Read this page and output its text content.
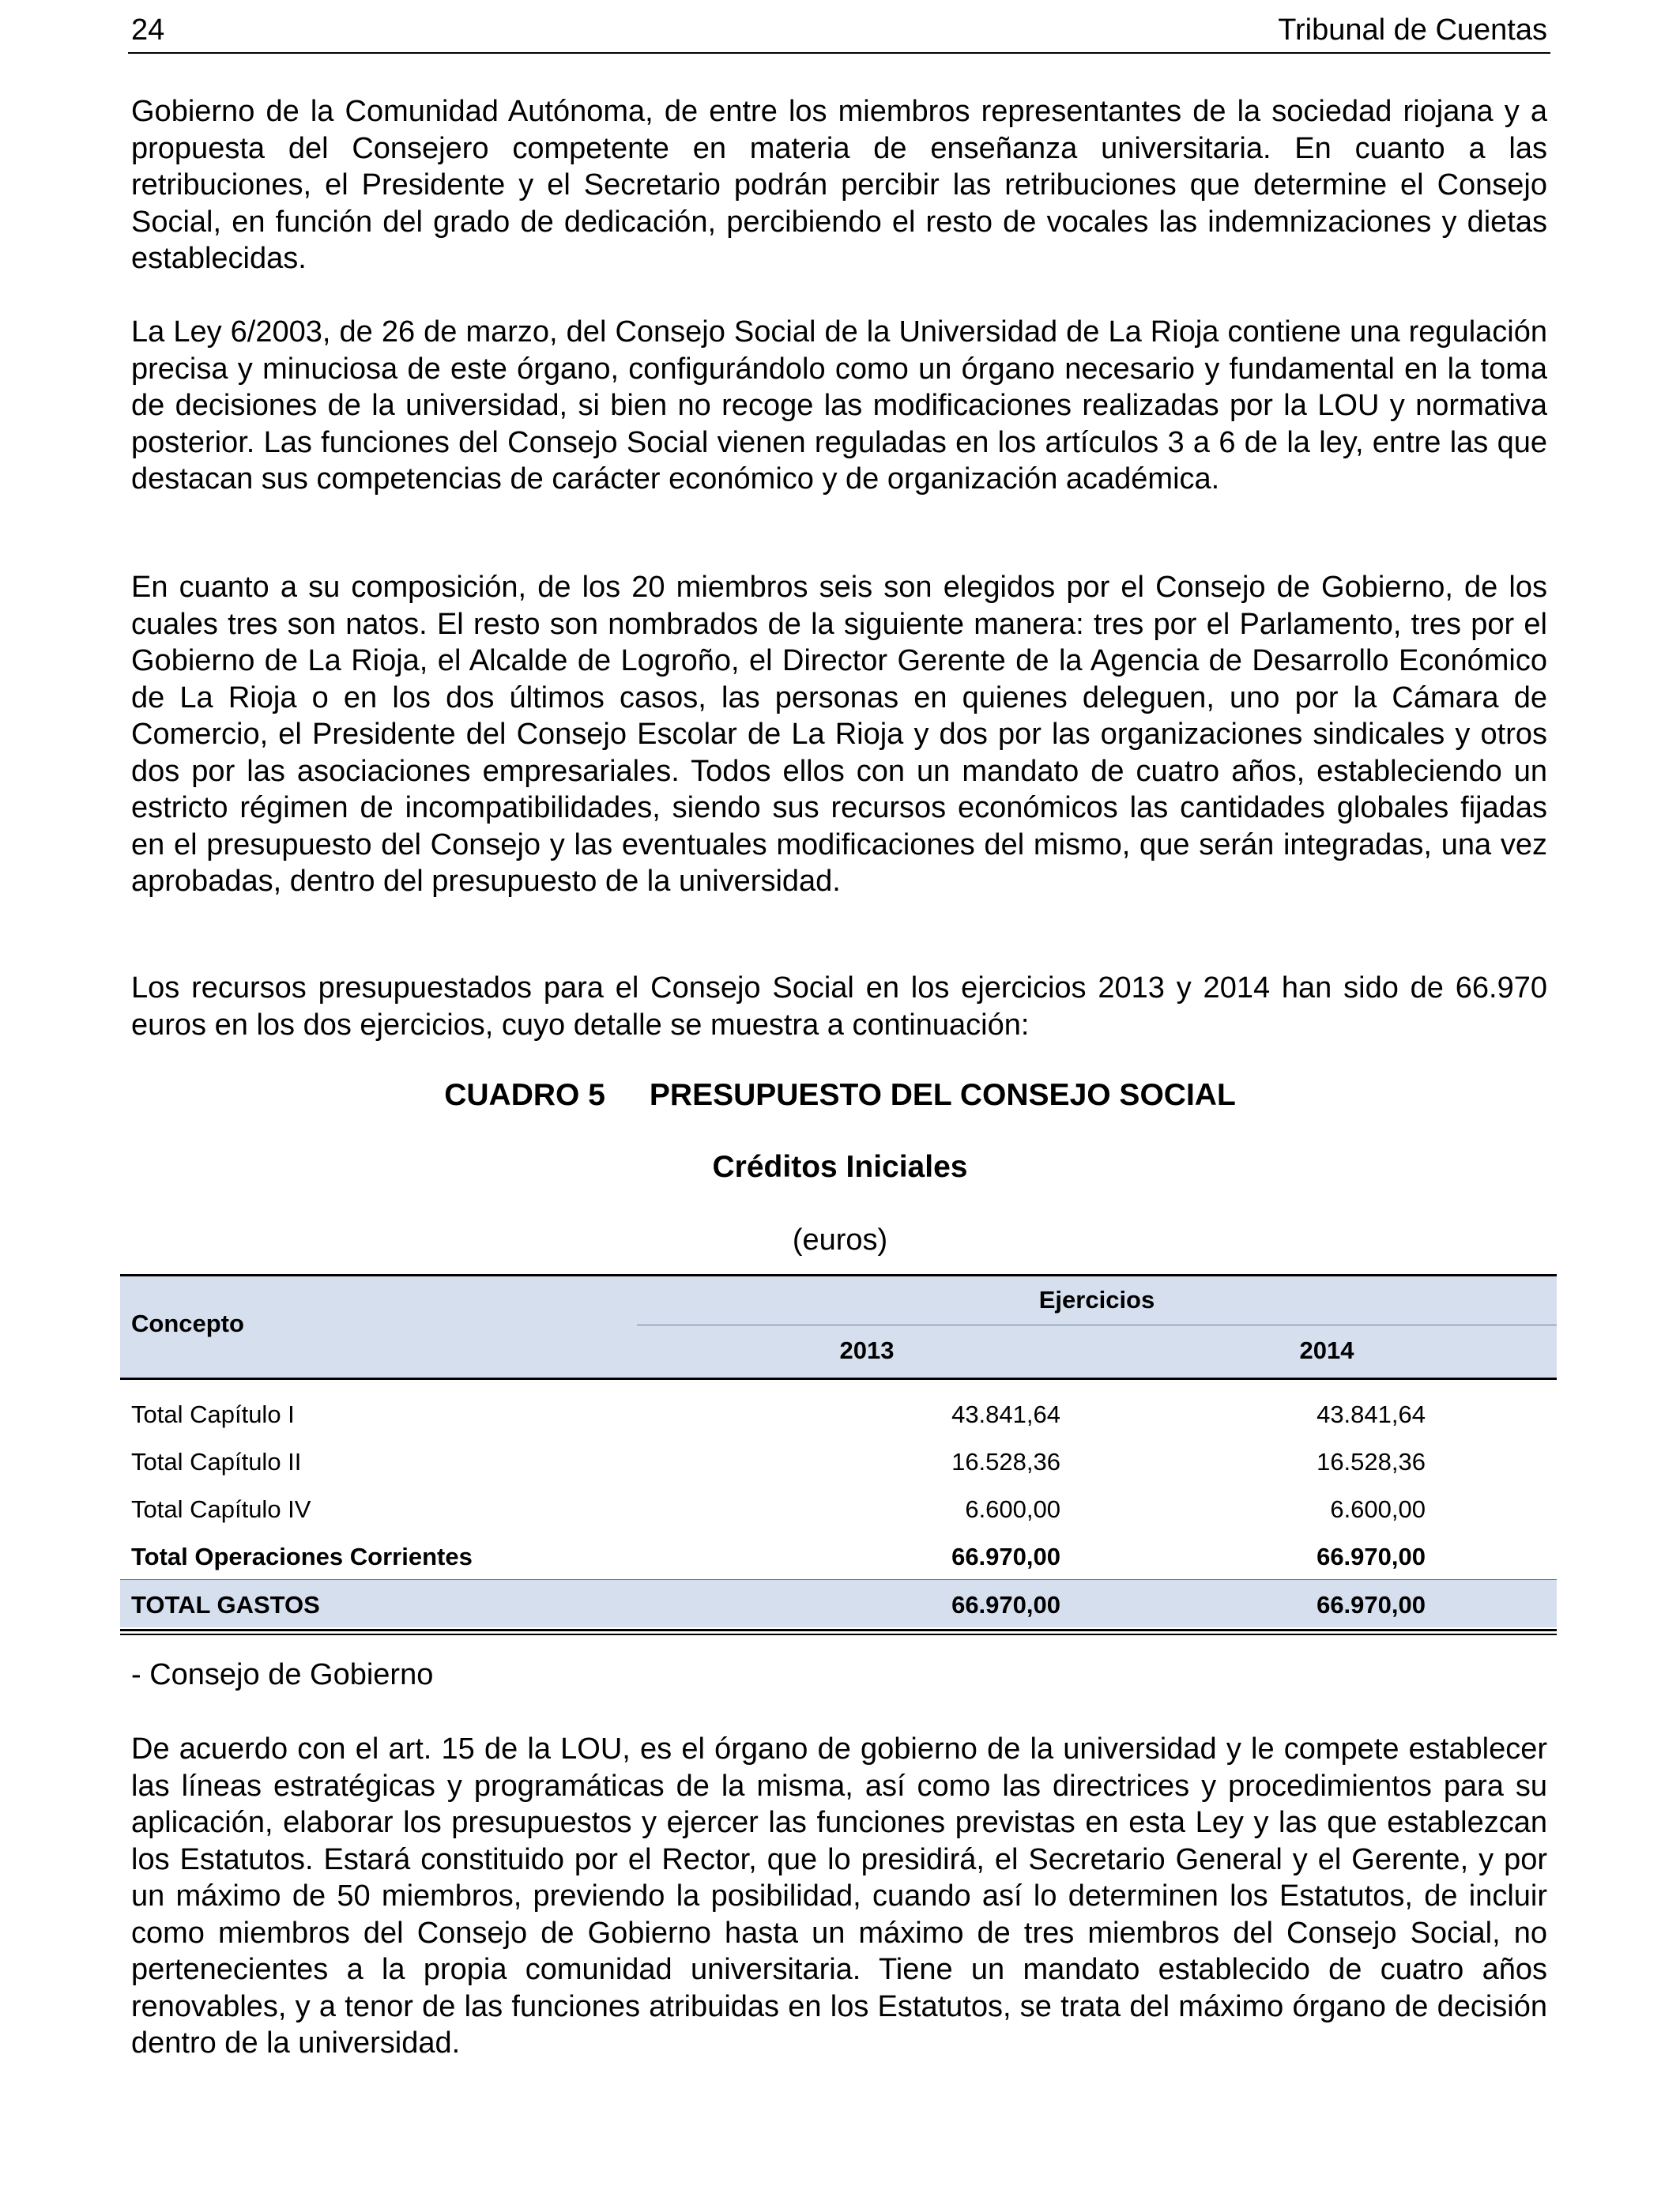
24	Tribunal de Cuentas

Gobierno de la Comunidad Autónoma, de entre los miembros representantes de la sociedad riojana y a propuesta del Consejero competente en materia de enseñanza universitaria. En cuanto a las retribuciones, el Presidente y el Secretario podrán percibir las retribuciones que determine el Consejo Social, en función del grado de dedicación, percibiendo el resto de vocales las indemnizaciones y dietas establecidas.

La Ley 6/2003, de 26 de marzo, del Consejo Social de la Universidad de La Rioja contiene una regulación precisa y minuciosa de este órgano, configurándolo como un órgano necesario y fundamental en la toma de decisiones de la universidad, si bien no recoge las modificaciones realizadas por la LOU y normativa posterior. Las funciones del Consejo Social vienen reguladas en los artículos 3 a 6 de la ley, entre las que destacan sus competencias de carácter económico y de organización académica.

En cuanto a su composición, de los 20 miembros seis son elegidos por el Consejo de Gobierno, de los cuales tres son natos. El resto son nombrados de la siguiente manera: tres por el Parlamento, tres por el Gobierno de La Rioja, el Alcalde de Logroño, el Director Gerente de la Agencia de Desarrollo Económico de La Rioja o en los dos últimos casos, las personas en quienes deleguen, uno por la Cámara de Comercio, el Presidente del Consejo Escolar de La Rioja y dos por las organizaciones sindicales y otros dos por las asociaciones empresariales. Todos ellos con un mandato de cuatro años, estableciendo un estricto régimen de incompatibilidades, siendo sus recursos económicos las cantidades globales fijadas en el presupuesto del Consejo y las eventuales modificaciones del mismo, que serán integradas, una vez aprobadas, dentro del presupuesto de la universidad.

Los recursos presupuestados para el Consejo Social en los ejercicios 2013 y 2014 han sido de 66.970 euros en los dos ejercicios, cuyo detalle se muestra a continuación:

CUADRO 5 PRESUPUESTO DEL CONSEJO SOCIAL

Créditos Iniciales

(euros)

Concepto
Ejercicios
2013	2014
Total Capítulo I	43.841,64	43.841,64
Total Capítulo II	16.528,36	16.528,36
Total Capítulo IV	6.600,00	6.600,00
Total Operaciones Corrientes	66.970,00	66.970,00
TOTAL GASTOS	66.970,00	66.970,00

- Consejo de Gobierno

De acuerdo con el art. 15 de la LOU, es el órgano de gobierno de la universidad y le compete establecer las líneas estratégicas y programáticas de la misma, así como las directrices y procedimientos para su aplicación, elaborar los presupuestos y ejercer las funciones previstas en esta Ley y las que establezcan los Estatutos. Estará constituido por el Rector, que lo presidirá, el Secretario General y el Gerente, y por un máximo de 50 miembros, previendo la posibilidad, cuando así lo determinen los Estatutos, de incluir como miembros del Consejo de Gobierno hasta un máximo de tres miembros del Consejo Social, no pertenecientes a la propia comunidad universitaria. Tiene un mandato establecido de cuatro años renovables, y a tenor de las funciones atribuidas en los Estatutos, se trata del máximo órgano de decisión dentro de la universidad.
